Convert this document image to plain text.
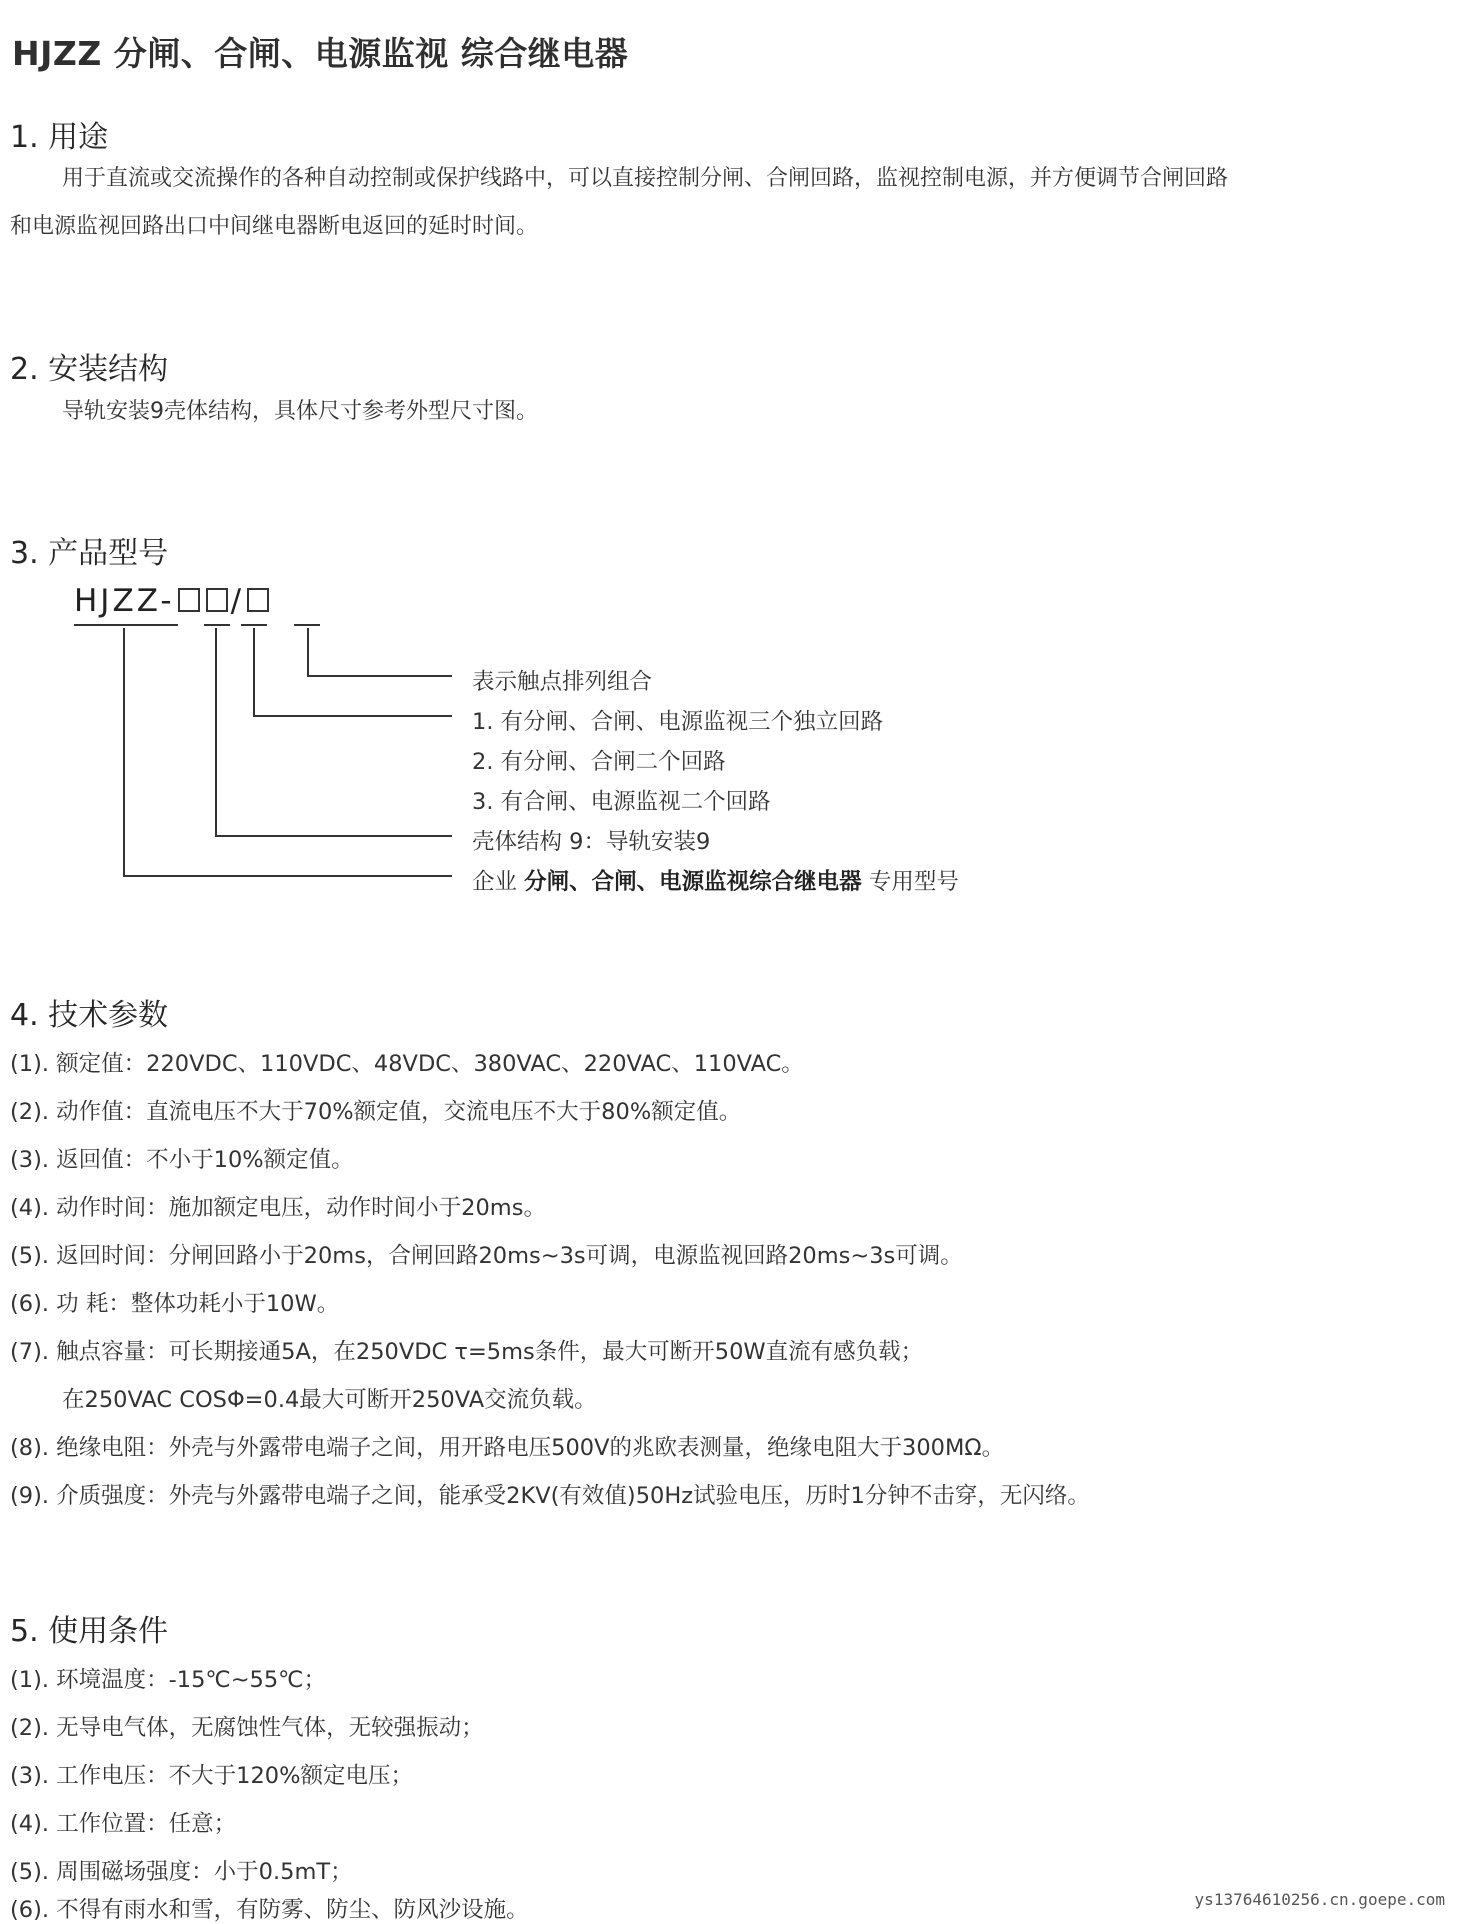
HJZZ 分闸、合闸、电源监视 综合继电器
1. 用途
用于直流或交流操作的各种自动控制或保护线路中，可以直接控制分闸、合闸回路，监视控制电源，并方便调节合闸回路
和电源监视回路出口中间继电器断电返回的延时时间。
2. 安装结构
导轨安装9壳体结构，具体尺寸参考外型尺寸图。
3. 产品型号
HJZZ- /
表示触点排列组合
1. 有分闸、合闸、电源监视三个独立回路
2. 有分闸、合闸二个回路
3. 有合闸、电源监视二个回路
壳体结构 9：导轨安装9
企业 分闸、合闸、电源监视综合继电器 专用型号
4. 技术参数
(1). 额定值：220VDC、110VDC、48VDC、380VAC、220VAC、110VAC。
(2). 动作值：直流电压不大于70%额定值，交流电压不大于80%额定值。
(3). 返回值：不小于10%额定值。
(4). 动作时间：施加额定电压，动作时间小于20ms。
(5). 返回时间：分闸回路小于20ms，合闸回路20ms~3s可调，电源监视回路20ms~3s可调。
(6). 功 耗：整体功耗小于10W。
(7). 触点容量：可长期接通5A，在250VDC τ=5ms条件，最大可断开50W直流有感负载；
在250VAC COSΦ=0.4最大可断开250VA交流负载。
(8). 绝缘电阻：外壳与外露带电端子之间，用开路电压500V的兆欧表测量，绝缘电阻大于300MΩ。
(9). 介质强度：外壳与外露带电端子之间，能承受2KV(有效值)50Hz试验电压，历时1分钟不击穿，无闪络。
5. 使用条件
(1). 环境温度：-15℃~55℃；
(2). 无导电气体，无腐蚀性气体，无较强振动；
(3). 工作电压：不大于120%额定电压；
(4). 工作位置：任意；
(5). 周围磁场强度：小于0.5mT；
(6). 不得有雨水和雪，有防雾、防尘、防风沙设施。	ys13764610256.cn.goepe.com
